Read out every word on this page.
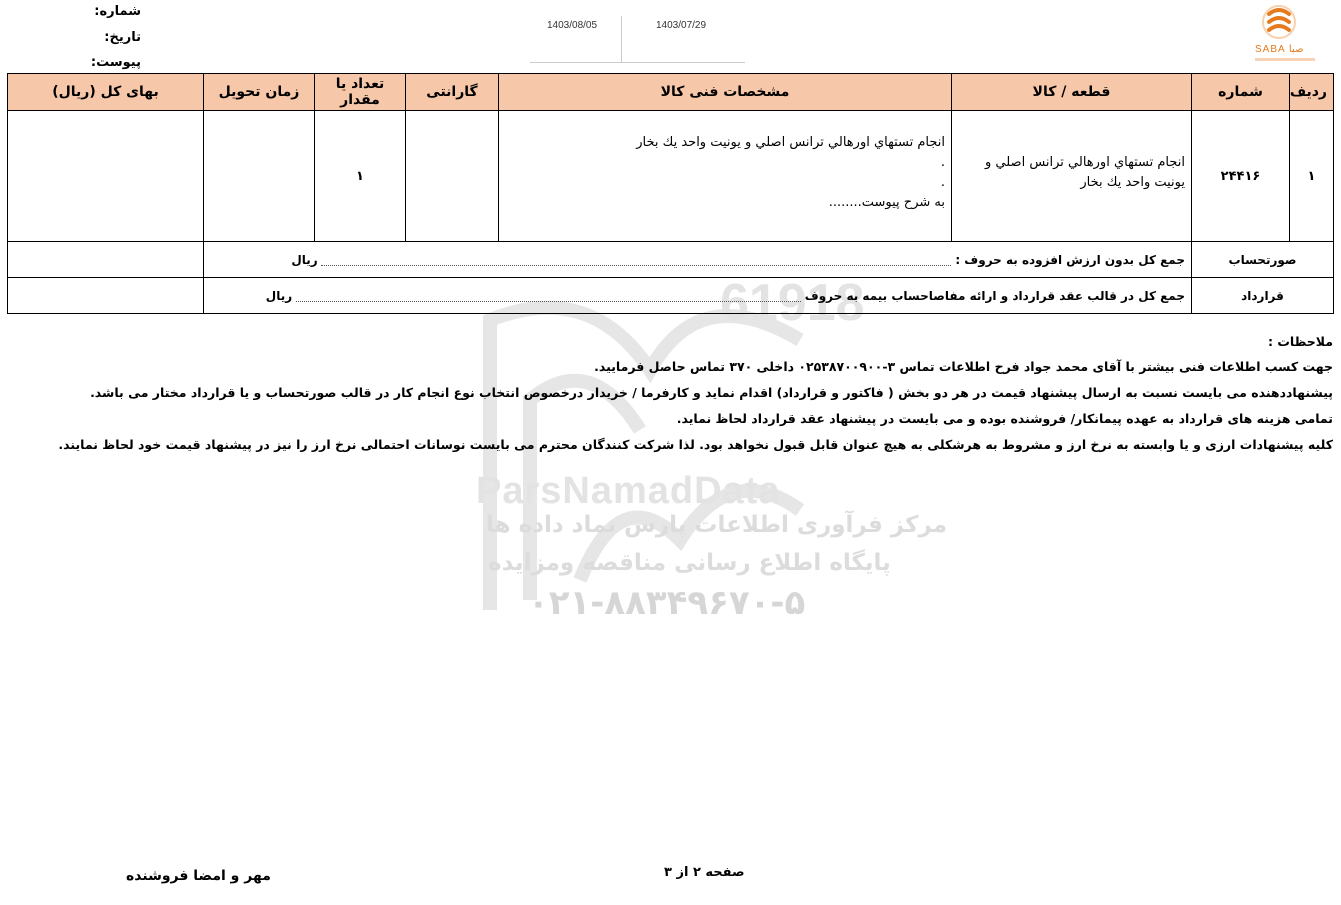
شماره:
تاریخ:
پیوست:
1403/08/05	1403/07/29
SABA صبا
61918
ParsNamadData
مرکز فرآوری اطلاعات پارس نماد داده ها
پایگاه اطلاع رسانی مناقصه ومزایده
۰۲۱-۸۸۳۴۹۶۷۰-۵
ردیف	شماره	قطعه / کالا	مشخصات فنی کالا	گارانتی	تعداد یا مقدار	زمان تحویل	بهای کل (ریال)
۱	۲۴۴۱۶	انجام تستهاي اورهالي ترانس اصلي و يونيت واحد يك بخار	انجام تستهاي اورهالي ترانس اصلي و يونيت واحد يك بخار
.
.
به شرح پیوست........		۱		
صورتحساب		جمع کل بدون ارزش افزوده به حروف :  ریال					
قرارداد		جمع کل در قالب عقد قرارداد و ارائه مفاصاحساب بیمه به حروف  ریال					
ملاحظات :
جهت کسب اطلاعات فنی بیشتر با آقای محمد جواد فرح اطلاعات تماس ۳-۰۲۵۳۸۷۰۰۹۰۰ داخلی ۳۷۰ تماس حاصل فرمایید.
پیشنهاددهنده می بایست نسبت به ارسال پیشنهاد قیمت در هر دو بخش ( فاکتور و قرارداد) اقدام نماید و کارفرما / خریدار درخصوص انتخاب نوع انجام کار در قالب صورتحساب و یا قرارداد مختار می باشد.
تمامی هزینه های قرارداد به عهده پیمانکار/ فروشنده بوده و می بایست در پیشنهاد عقد قرارداد لحاظ نماید.
کلیه پیشنهادات ارزی و یا وابسته به نرخ ارز و مشروط به هرشکلی به هیچ عنوان قابل قبول نخواهد بود. لذا شرکت کنندگان محترم می بایست نوسانات احتمالی نرخ ارز را نیز در پیشنهاد قیمت خود لحاظ نمایند.
صفحه ۲ از ۳
مهر و امضا فروشنده
